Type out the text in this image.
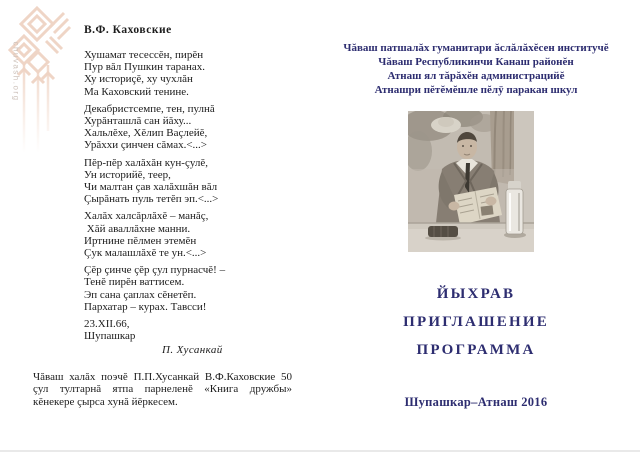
chuvash.org
В.Ф. Каховские
Хушамат тесессĕн, пирĕн
Пур вăл Пушкин таранах.
Ху историçĕ, ху чухлăн
Ма Каховский тенине.
Декабристсемпе, тен, пулнă
Хурăнташлă сан йăху...
Хальлĕхе, Хĕлип Ваçлейĕ,
Урăххи çинчен сăмах.<...>
Пĕр-пĕр халăхăн кун-çулĕ,
Ун историйĕ, теер,
Чи малтан çав халăхшăн вăл
Çырăнать пуль тетĕп эп.<...>
Халăх халсăрлăхĕ – манăç,
Хăй аваллăхне манни.
Иртнине пĕлмен этемĕн
Çук малашлăхĕ те ун.<...>
Çĕр çинче çĕр çул пурнасчĕ! –
Тенĕ пирĕн ваттисем.
Эп сана çаплах сĕнетĕп.
Пархатар – курах. Тавсси!
23.XII.66,
Шупашкар
П. Хусанкай
Чăваш халăх поэчĕ П.П.Хусанкай В.Ф.Каховские 50 çул тултарнă ятпа парнеленĕ «Книга дружбы» кĕнекере çырса хунă йĕркесем.
Чăваш патшалăх гуманитари ăслăлăхĕсен институчĕ
Чăваш Республикинчи Канаш районĕн
Атнаш ял тăрăхĕн администрацийĕ
Атнашри пĕтĕмĕшле пĕлÿ паракан шкул
ЙЫХРАВ
ПРИГЛАШЕНИЕ
ПРОГРАММА
Шупашкар–Атнаш 2016
